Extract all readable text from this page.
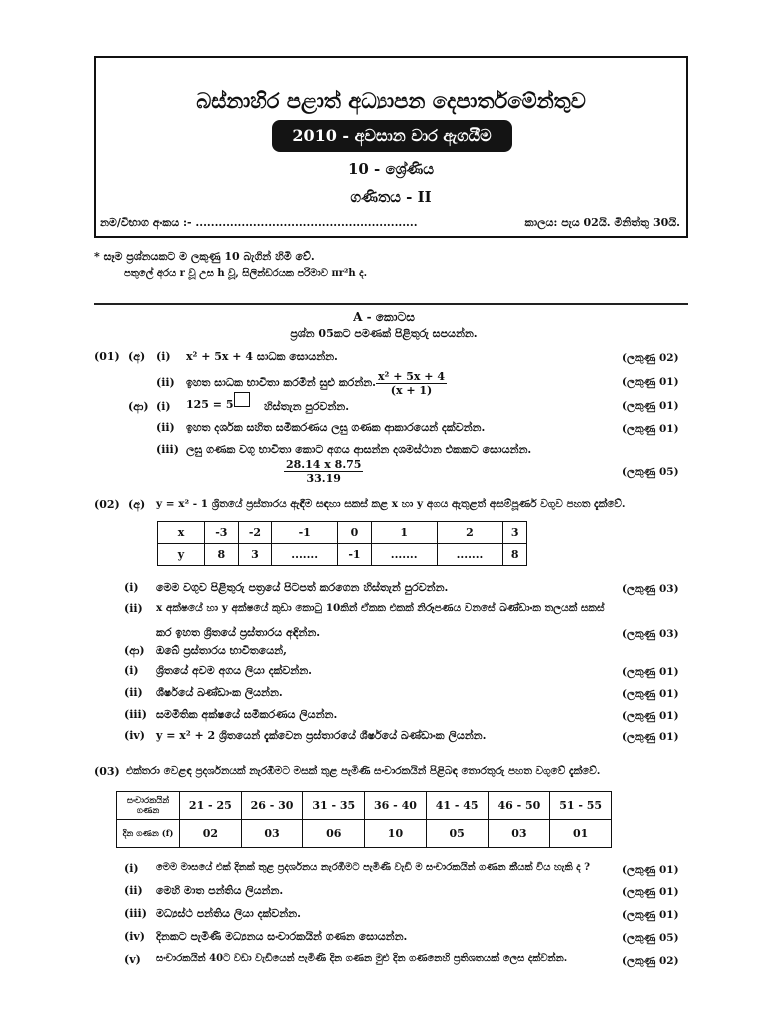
බස්නාහිර පළාත් අධ්‍යාපන දෙපාර්තමේන්තුව
2010 - අවසාන වාර ඇගයීම
10 - ශ්‍රේණිය
ගණිතය - II
නම/විභාග අංකය :- ..........................................................	කාලය: පැය 02යි. මිනිත්තු 30යි.
* සෑම ප්‍රශ්නයකට ම ලකුණු 10 බැගින් හිමි වේ.
පතුලේ අරය r වූ උස h වූ, සිලින්ඩරයක පරිමාව πr²h ද.
A - කොටස
ප්‍රශ්න 05කට පමණක් පිළිතුරු සපයන්න.
(01) (අ) (i) x² + 5x + 4 සාධක සොයන්න.	(ලකුණු 02)
(ii) ඉහත සාධක භාවිතා කරමින් සුළු කරන්න. $\frac{\text{x² + 5x + 4}}{(x + 1)}$	(ලකුණු 01)
(ආ) (i) 125 = 5	හිස්තැන පුරවන්න.	(ලකුණු 01)
(ii) ඉහත දර්ශක සහිත සමීකරණය ලඝු ගණක ආකාරයෙන් දක්වන්න.	(ලකුණු 01)
(iii) ලඝු ගණක වගු භාවිතා කොට අගය ආසන්න දශමස්ථාන එකකට සොයන්න.
$\frac{28.14 x 8.75}{33.19}$	(ලකුණු 05)
(02) (අ) y = x² - 1 ශ්‍රිතයේ ප්‍රස්තාරය ඇඳීම සඳහා සකස් කළ x හා y අගය ඇතුළත් අසම්පූර්ණ වගුව පහත දැක්වේ.
x	-3	-2	-1	0	1	2	3
y	8	3	.......	-1	.......	.......	8
(i) මෙම වගුව පිළිතුරු පත්‍රයේ පිටපත් කරගෙන හිස්තැන් පුරවන්න.	(ලකුණු 03)
(ii) x අක්ෂයේ හා y අක්ෂයේ කුඩා කොටු 10කින් ඒකක එකක් නිරූපණය වනසේ ඛණ්ඩාංක තලයක් සකස්
කර ඉහත ශ්‍රිතයේ ප්‍රස්තාරය අඳින්න.	(ලකුණු 03)
(ආ) ඔබේ ප්‍රස්තාරය භාවිතයෙන්,
(i) ශ්‍රිතයේ අවම අගය ලියා දක්වන්න.	(ලකුණු 01)
(ii) ශීර්ෂයේ ඛණ්ඩාංක ලියන්න.	(ලකුණු 01)
(iii) සමමිතික අක්ෂයේ සමීකරණය ලියන්න.	(ලකුණු 01)
(iv) y = x² + 2 ශ්‍රිතයෙන් දැක්වෙන ප්‍රස්තාරයේ ශීර්ෂයේ ඛණ්ඩාංක ලියන්න.	(ලකුණු 01)
(03) එක්තරා වෙළඳ ප්‍රදර්ශනයක් නැරඹීමට මසක් තුළ පැමිණි සංචාරකයින් පිළිබඳ තොරතුරු පහත වගුවේ දැක්වේ.
සංචාරකයින් ගණන	21 - 25	26 - 30	31 - 35	36 - 40	41 - 45	46 - 50	51 - 55
දින ගණන (f)	02	03	06	10	05	03	01
(i) මෙම මාසයේ එක් දිනක් තුළ ප්‍රදර්ශනය නැරඹීමට පැමිණි වැඩි ම සංචාරකයින් ගණන කීයක් විය හැකි ද ?	(ලකුණු 01)
(ii) මෙහි මාත පන්තිය ලියන්න.	(ලකුණු 01)
(iii) මධ්‍යස්ථ පන්තිය ලියා දක්වන්න.	(ලකුණු 01)
(iv) දිනකට පැමිණි මධ්‍යනය සංචාරකයින් ගණන සොයන්න.	(ලකුණු 05)
(v) සංචාරකයින් 40ට වඩා වැඩියෙන් පැමිණි දින ගණන මුළු දින ගණනෙහි ප්‍රතිශතයක් ලෙස දක්වන්න.	(ලකුණු 02)
